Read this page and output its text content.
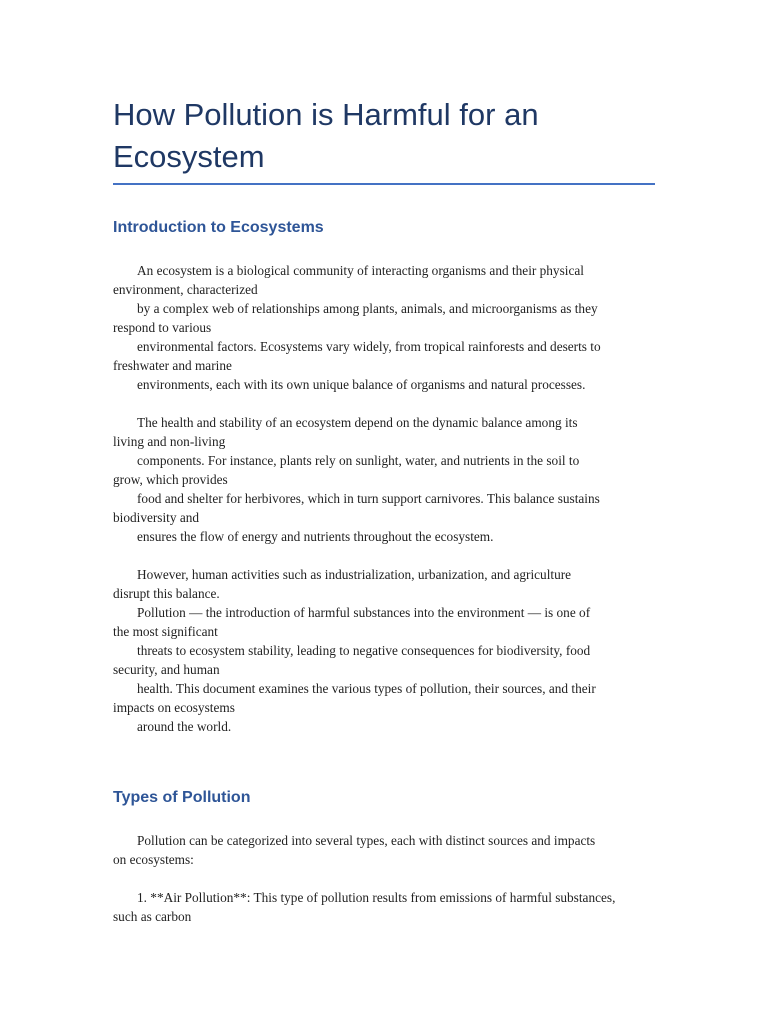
How Pollution is Harmful for an Ecosystem
Introduction to Ecosystems
An ecosystem is a biological community of interacting organisms and their physical
environment, characterized
by a complex web of relationships among plants, animals, and microorganisms as they
respond to various
environmental factors. Ecosystems vary widely, from tropical rainforests and deserts to
freshwater and marine
environments, each with its own unique balance of organisms and natural processes.
The health and stability of an ecosystem depend on the dynamic balance among its
living and non-living
components. For instance, plants rely on sunlight, water, and nutrients in the soil to
grow, which provides
food and shelter for herbivores, which in turn support carnivores. This balance sustains
biodiversity and
ensures the flow of energy and nutrients throughout the ecosystem.
However, human activities such as industrialization, urbanization, and agriculture
disrupt this balance.
Pollution — the introduction of harmful substances into the environment — is one of
the most significant
threats to ecosystem stability, leading to negative consequences for biodiversity, food
security, and human
health. This document examines the various types of pollution, their sources, and their
impacts on ecosystems
around the world.
Types of Pollution
Pollution can be categorized into several types, each with distinct sources and impacts
on ecosystems:
1. **Air Pollution**: This type of pollution results from emissions of harmful substances,
such as carbon
